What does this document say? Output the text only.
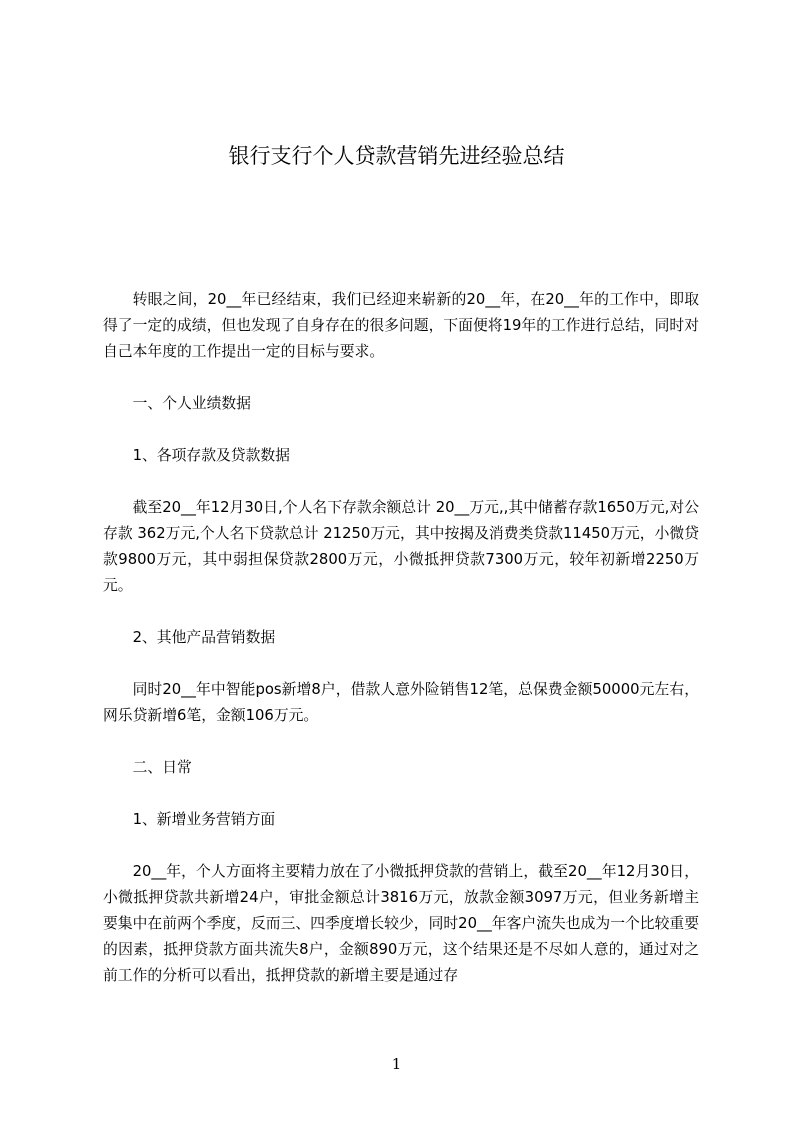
银行支行个人贷款营销先进经验总结

转眼之间，20__年已经结束，我们已经迎来崭新的20__年，在20__年的工作中，即取得了一定的成绩，但也发现了自身存在的很多问题，下面便将19年的工作进行总结，同时对自己本年度的工作提出一定的目标与要求。

一、个人业绩数据

1、各项存款及贷款数据

截至20__年12月30日,个人名下存款余额总计 20__万元,,其中储蓄存款1650万元,对公存款 362万元,个人名下贷款总计 21250万元，其中按揭及消费类贷款11450万元，小微贷款9800万元，其中弱担保贷款2800万元，小微抵押贷款7300万元，较年初新增2250万元。

2、其他产品营销数据

同时20__年中智能pos新增8户，借款人意外险销售12笔，总保费金额50000元左右，网乐贷新增6笔，金额106万元。

二、日常

1、新增业务营销方面

20__年，个人方面将主要精力放在了小微抵押贷款的营销上，截至20__年12月30日，小微抵押贷款共新增24户，审批金额总计3816万元，放款金额3097万元，但业务新增主要集中在前两个季度，反而三、四季度增长较少，同时20__年客户流失也成为一个比较重要的因素，抵押贷款方面共流失8户，金额890万元，这个结果还是不尽如人意的，通过对之前工作的分析可以看出，抵押贷款的新增主要是通过存

1
